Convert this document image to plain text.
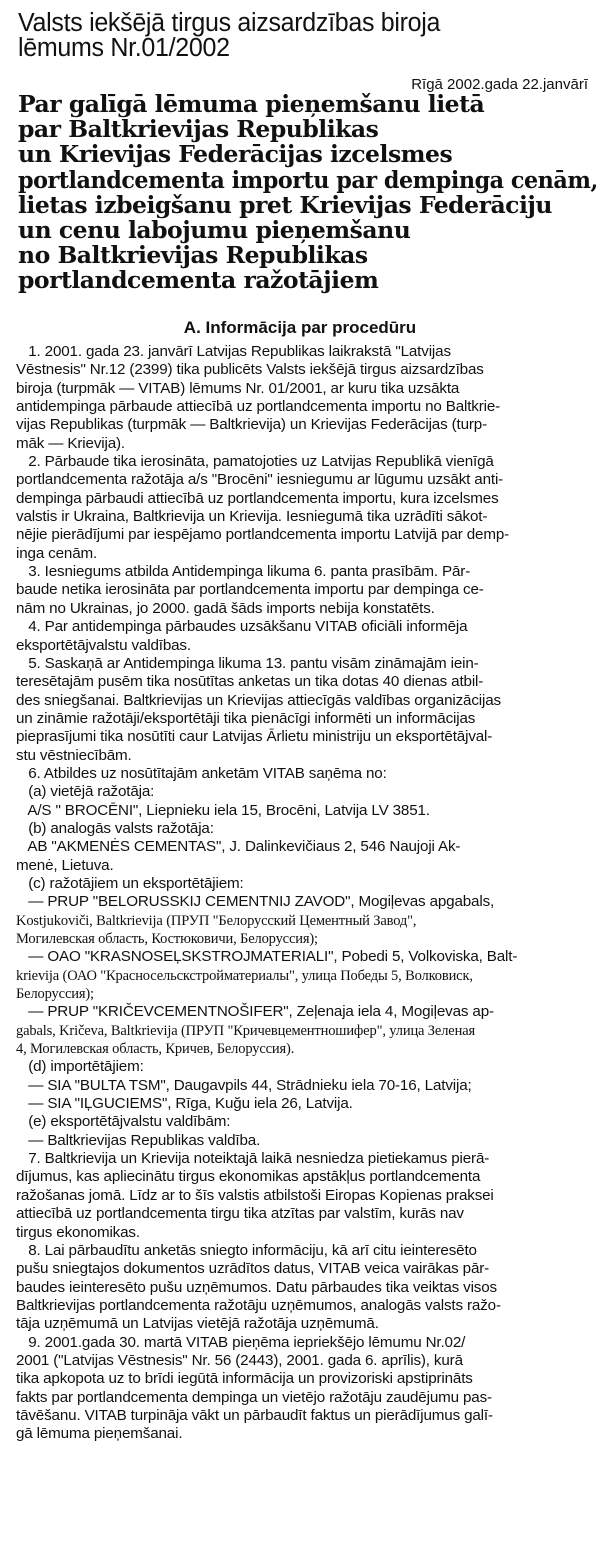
Valsts iekšējā tirgus aizsardzības biroja
lēmums Nr.01/2002
Rīgā 2002.gada 22.janvārī
Par galīgā lēmuma pieņemšanu lietā
par Baltkrievijas Republikas
un Krievijas Federācijas izcelsmes
portlandcementa importu par dempinga cenām,
lietas izbeigšanu pret Krievijas Federāciju
un cenu labojumu pieņemšanu
no Baltkrievijas Republikas
portlandcementa ražotājiem
A. Informācija par procedūru
1. 2001. gada 23. janvārī Latvijas Republikas laikrakstā "Latvijas
Vēstnesis" Nr.12 (2399) tika publicēts Valsts iekšējā tirgus aizsardzības
biroja (turpmāk — VITAB) lēmums Nr. 01/2001, ar kuru tika uzsākta
antidempinga pārbaude attiecībā uz portlandcementa importu no Baltkrie-
vijas Republikas (turpmāk — Baltkrievija) un Krievijas Federācijas (turp-
māk — Krievija).
2. Pārbaude tika ierosināta, pamatojoties uz Latvijas Republikā vienīgā
portlandcementa ražotāja a/s "Brocēni" iesniegumu ar lūgumu uzsākt anti-
dempinga pārbaudi attiecībā uz portlandcementa importu, kura izcelsmes
valstis ir Ukraina, Baltkrievija un Krievija. Iesniegumā tika uzrādīti sākot-
nējie pierādījumi par iespējamo portlandcementa importu Latvijā par demp-
inga cenām.
3. Iesniegums atbilda Antidempinga likuma 6. panta prasībām. Pār-
baude netika ierosināta par portlandcementa importu par dempinga ce-
nām no Ukrainas, jo 2000. gadā šāds imports nebija konstatēts.
4. Par antidempinga pārbaudes uzsākšanu VITAB oficiāli informēja
eksportētājvalstu valdības.
5. Saskaņā ar Antidempinga likuma 13. pantu visām zināmajām iein-
teresētajām pusēm tika nosūtītas anketas un tika dotas 40 dienas atbil-
des sniegšanai. Baltkrievijas un Krievijas attiecīgās valdības organizācijas
un zināmie ražotāji/eksportētāji tika pienācīgi informēti un informācijas
pieprasījumi tika nosūtīti caur Latvijas Ārlietu ministriju un eksportētājval-
stu vēstniecībām.
6. Atbildes uz nosūtītajām anketām VITAB saņēma no:
(a) vietējā ražotāja:
A/S " BROCĒNI", Liepnieku iela 15, Brocēni, Latvija LV 3851.
(b) analogās valsts ražotāja:
AB "AKMENĖS CEMENTAS", J. Dalinkevičiaus 2, 546 Naujoji Ak-
menė, Lietuva.
(c) ražotājiem un eksportētājiem:
— PRUP "BELORUSSKIJ CEMENTNIJ ZAVOD", Mogiļevas apgabals,
Kostjukoviči, Baltkrievija (ПРУП "Белорусский Цементный Завод",
Могилевская область, Костюковичи, Белоруссия);
— OAO "KRASNOSEĻSKSTROJMATERIALI", Pobedi 5, Volkoviska, Balt-
krievija (ОАО "Красносельскстройматериалы", улица Победы 5, Волковиск,
Белоруссия);
— PRUP "KRIČEVCEMENTNOŠIFER", Zeļenaja iela 4, Mogiļevas ap-
gabals, Kričeva, Baltkrievija (ПРУП "Кричевцементношифер", улица Зеленая
4, Могилевская область, Кричев, Белоруссия).
(d) importētājiem:
— SIA "BULTA TSM", Daugavpils 44, Strādnieku iela 70-16, Latvija;
— SIA "IĻGUCIEMS", Rīga, Kuğu iela 26, Latvija.
(e) eksportētājvalstu valdībām:
— Baltkrievijas Republikas valdība.
7. Baltkrievija un Krievija noteiktajā laikā nesniedza pietiekamus pierā-
dījumus, kas apliecinātu tirgus ekonomikas apstākļus portlandcementa
ražošanas jomā. Līdz ar to šīs valstis atbilstoši Eiropas Kopienas praksei
attiecībā uz portlandcementa tirgu tika atzītas par valstīm, kurās nav
tirgus ekonomikas.
8. Lai pārbaudītu anketās sniegto informāciju, kā arī citu ieinteresēto
pušu sniegtajos dokumentos uzrādītos datus, VITAB veica vairākas pār-
baudes ieinteresēto pušu uzņēmumos. Datu pārbaudes tika veiktas visos
Baltkrievijas portlandcementa ražotāju uzņēmumos, analogās valsts ražo-
tāja uzņēmumā un Latvijas vietējā ražotāja uzņēmumā.
9. 2001.gada 30. martā VITAB pieņēma iepriekšējo lēmumu Nr.02/
2001 ("Latvijas Vēstnesis" Nr. 56 (2443), 2001. gada 6. aprīlis), kurā
tika apkopota uz to brīdi iegūtā informācija un provizoriski apstiprināts
fakts par portlandcementa dempinga un vietējo ražotāju zaudējumu pas-
tāvēšanu. VITAB turpināja vākt un pārbaudīt faktus un pierādījumus galī-
gā lēmuma pieņemšanai.
